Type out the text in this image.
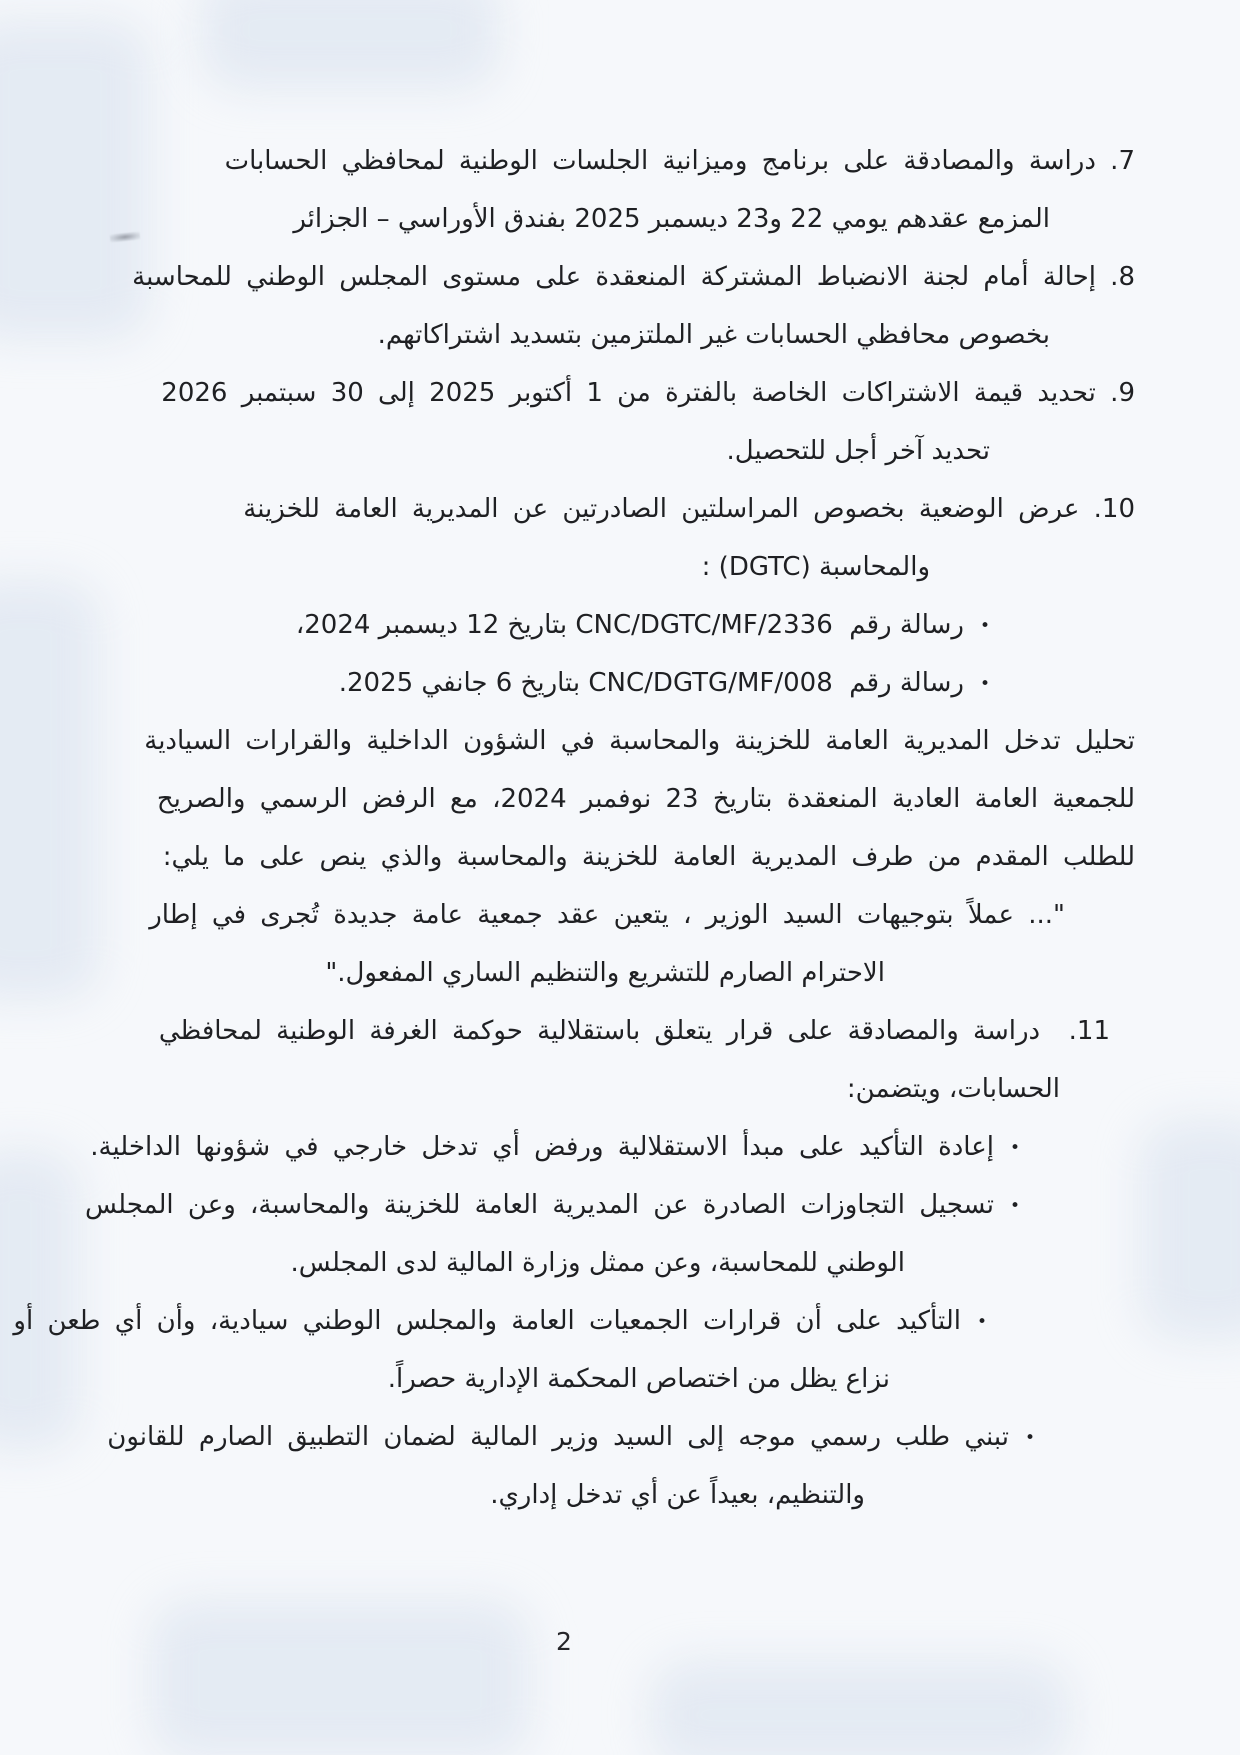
7. دراسة والمصادقة على برنامج وميزانية الجلسات الوطنية لمحافظي الحسابات
المزمع عقدهم يومي 22 و23 ديسمبر 2025 بفندق الأوراسي – الجزائر
8. إحالة أمام لجنة الانضباط المشتركة المنعقدة على مستوى المجلس الوطني للمحاسبة
بخصوص محافظي الحسابات غير الملتزمين بتسديد اشتراكاتهم.
9. تحديد قيمة الاشتراكات الخاصة بالفترة من 1 أكتوبر 2025 إلى 30 سبتمبر 2026
تحديد آخر أجل للتحصيل.
10. عرض الوضعية بخصوص المراسلتين الصادرتين عن المديرية العامة للخزينة
والمحاسبة (DGTC) :
•رسالة رقم  2336/CNC/DGTC/MF بتاريخ 12 ديسمبر 2024،
•رسالة رقم  008/CNC/DGTG/MF بتاريخ 6 جانفي 2025.
تحليل تدخل المديرية العامة للخزينة والمحاسبة في الشؤون الداخلية والقرارات السيادية
للجمعية العامة العادية المنعقدة بتاريخ 23 نوفمبر 2024، مع الرفض الرسمي والصريح
للطلب المقدم من طرف المديرية العامة للخزينة والمحاسبة والذي ينص على ما يلي:
"... عملاً بتوجيهات السيد الوزير ، يتعين عقد جمعية عامة جديدة تُجرى في إطار
الاحترام الصارم للتشريع والتنظيم الساري المفعول."
11.  دراسة والمصادقة على قرار يتعلق باستقلالية حوكمة الغرفة الوطنية لمحافظي
الحسابات، ويتضمن:
•إعادة التأكيد على مبدأ الاستقلالية ورفض أي تدخل خارجي في شؤونها الداخلية.
•تسجيل التجاوزات الصادرة عن المديرية العامة للخزينة والمحاسبة، وعن المجلس
الوطني للمحاسبة، وعن ممثل وزارة المالية لدى المجلس.
•التأكيد على أن قرارات الجمعيات العامة والمجلس الوطني سيادية، وأن أي طعن أو
نزاع يظل من اختصاص المحكمة الإدارية حصراً.
•تبني طلب رسمي موجه إلى السيد وزير المالية لضمان التطبيق الصارم للقانون
والتنظيم، بعيداً عن أي تدخل إداري.
2
